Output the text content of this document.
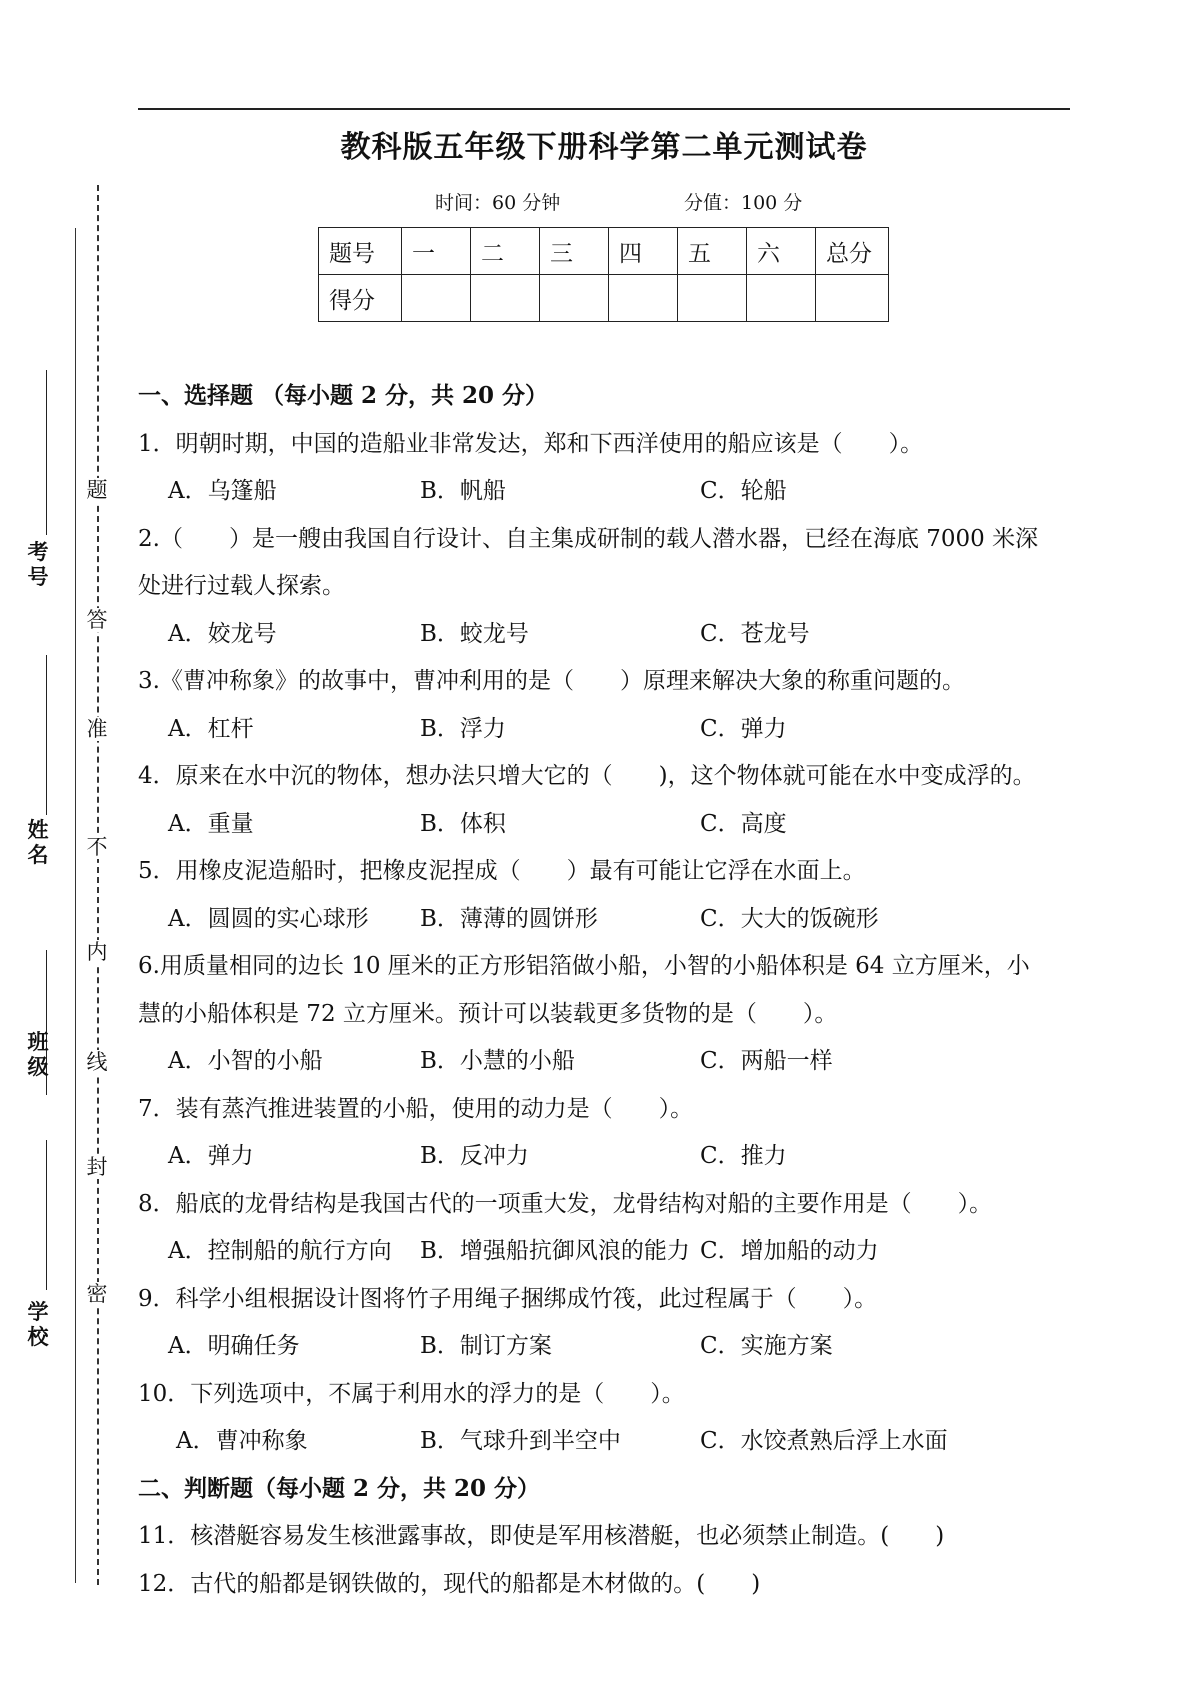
教科版五年级下册科学第二单元测试卷
时间：60 分钟	分值：100 分
题号	一	二	三	四	五	六	总分
得分							
题
答
准
不
内
线
封
密
考号
姓名
班级
学校
一、选择题 （每小题 2 分，共 20 分）
1．明朝时期，中国的造船业非常发达，郑和下西洋使用的船应该是（　　）。
A．乌篷船	B．帆船	C．轮船
2.（　　）是一艘由我国自行设计、自主集成研制的载人潜水器，已经在海底 7000 米深
处进行过载人探索。
A．姣龙号	B．蛟龙号	C．苍龙号
3.《曹冲称象》的故事中，曹冲利用的是（　　）原理来解决大象的称重问题的。
A．杠杆	B．浮力	C．弹力
4．原来在水中沉的物体，想办法只增大它的（　　)，这个物体就可能在水中变成浮的。
A．重量	B．体积	C．高度
5．用橡皮泥造船时，把橡皮泥捏成（　　）最有可能让它浮在水面上。
A．圆圆的实心球形 B．薄薄的圆饼形	C．大大的饭碗形
6.用质量相同的边长 10 厘米的正方形铝箔做小船，小智的小船体积是 64 立方厘米，小
慧的小船体积是 72 立方厘米。预计可以装载更多货物的是（　　）。
A．小智的小船	B．小慧的小船	C．两船一样
7．装有蒸汽推进装置的小船，使用的动力是（　　）。
A．弹力	B．反冲力	C．推力
8．船底的龙骨结构是我国古代的一项重大发，龙骨结构对船的主要作用是（　　）。
A．控制船的航行方向 B．增强船抗御风浪的能力 C．增加船的动力
9．科学小组根据设计图将竹子用绳子捆绑成竹筏，此过程属于（　　）。
A．明确任务	B．制订方案	C．实施方案
10．下列选项中，不属于利用水的浮力的是（　　）。
A．曹冲称象	B．气球升到半空中	C．水饺煮熟后浮上水面
二、判断题（每小题 2 分，共 20 分）
11．核潜艇容易发生核泄露事故，即使是军用核潜艇，也必须禁止制造。(　　)
12．古代的船都是钢铁做的，现代的船都是木材做的。(　　)
